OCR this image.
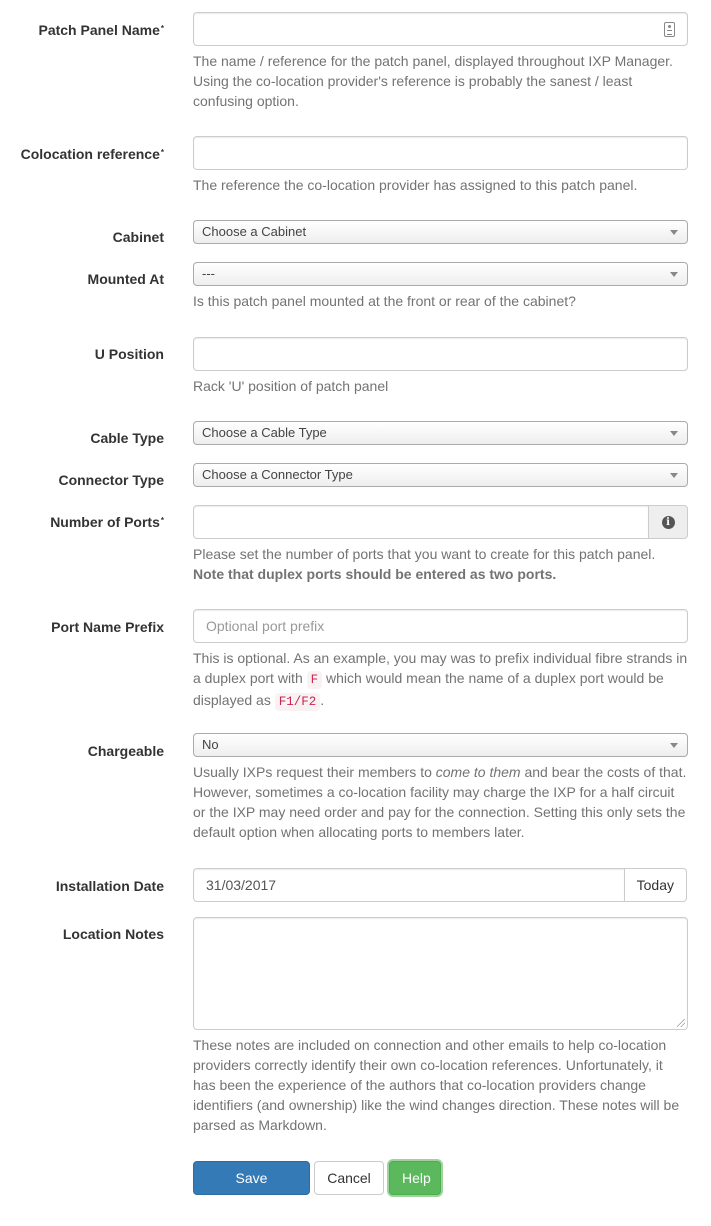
Patch Panel Name*
The name / reference for the patch panel, displayed throughout IXP Manager. Using the co-location provider's reference is probably the sanest / least confusing option.
Colocation reference*
The reference the co-location provider has assigned to this patch panel.
Cabinet	Choose a Cabinet
Mounted At	---
Is this patch panel mounted at the front or rear of the cabinet?
U Position
Rack 'U' position of patch panel
Cable Type	Choose a Cable Type
Connector Type	Choose a Connector Type
Number of Ports*	i
Please set the number of ports that you want to create for this patch panel.
Note that duplex ports should be entered as two ports.
Port Name Prefix	Optional port prefix
This is optional. As an example, you may was to prefix individual fibre strands in a duplex port with F which would mean the name of a duplex port would be displayed as F1/F2 .
Chargeable	No
Usually IXPs request their members to come to them and bear the costs of that. However, sometimes a co-location facility may charge the IXP for a half circuit or the IXP may need order and pay for the connection. Setting this only sets the default option when allocating ports to members later.
Installation Date	31/03/2017	Today
Location Notes
These notes are included on connection and other emails to help co-location providers correctly identify their own co-location references. Unfortunately, it has been the experience of the authors that co-location providers change identifiers (and ownership) like the wind changes direction. These notes will be parsed as Markdown.
Save Changes
Cancel	Help
